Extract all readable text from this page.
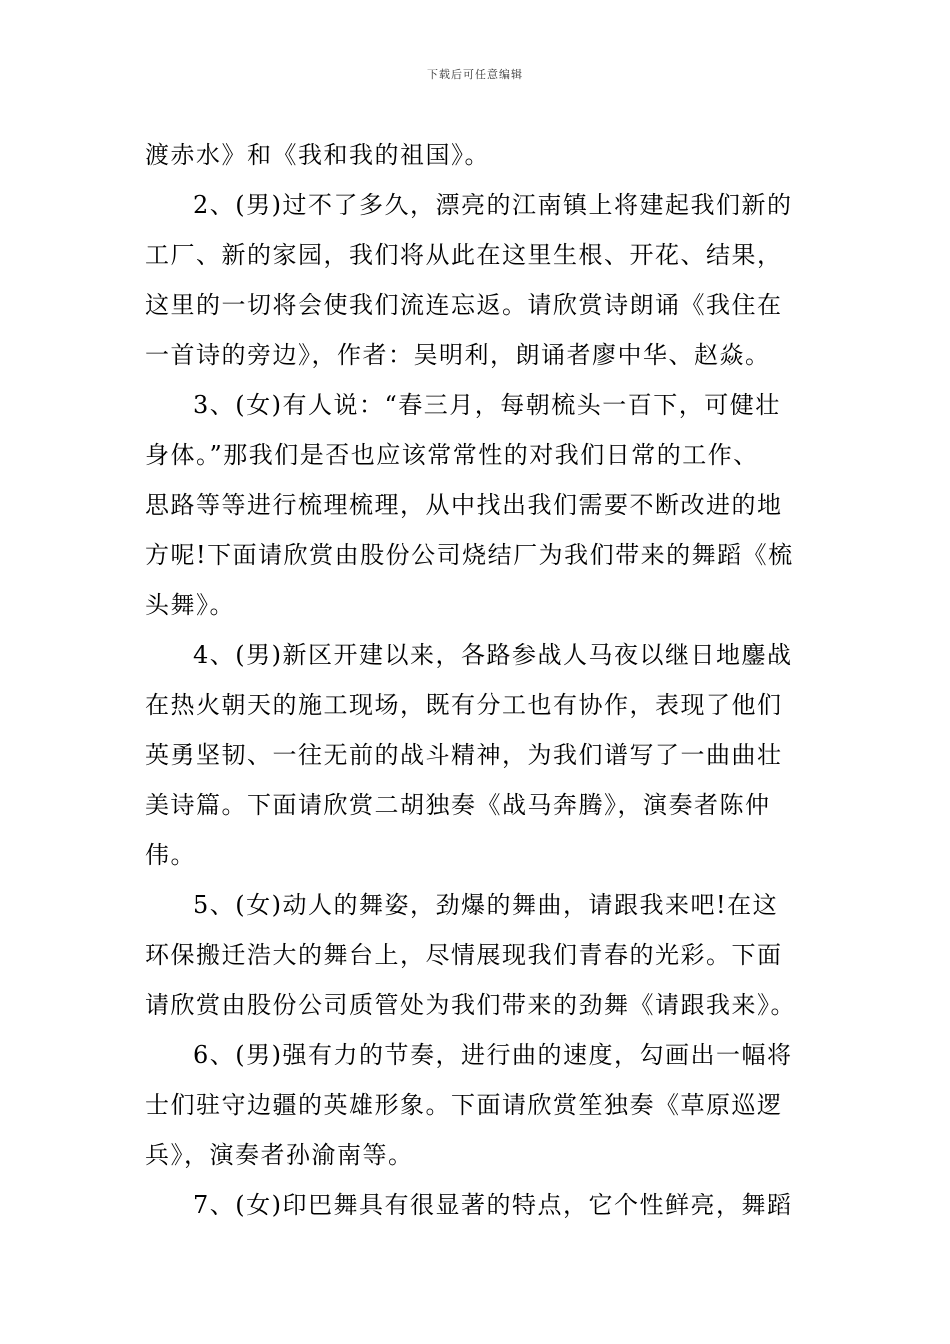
下载后可任意编辑
渡赤水》和《我和我的祖国》。
2、(男)过不了多久，漂亮的江南镇上将建起我们新的
工厂、新的家园，我们将从此在这里生根、开花、结果，
这里的一切将会使我们流连忘返。请欣赏诗朗诵《我住在
一首诗的旁边》，作者：吴明利，朗诵者廖中华、赵焱。
3、(女)有人说：“春三月，每朝梳头一百下，可健壮
身体。”那我们是否也应该常常性的对我们日常的工作、
思路等等进行梳理梳理，从中找出我们需要不断改进的地
方呢!下面请欣赏由股份公司烧结厂为我们带来的舞蹈《梳
头舞》。
4、(男)新区开建以来，各路参战人马夜以继日地鏖战
在热火朝天的施工现场，既有分工也有协作，表现了他们
英勇坚韧、一往无前的战斗精神，为我们谱写了一曲曲壮
美诗篇。下面请欣赏二胡独奏《战马奔腾》，演奏者陈仲
伟。
5、(女)动人的舞姿，劲爆的舞曲，请跟我来吧!在这
环保搬迁浩大的舞台上，尽情展现我们青春的光彩。下面
请欣赏由股份公司质管处为我们带来的劲舞《请跟我来》。
6、(男)强有力的节奏，进行曲的速度，勾画出一幅将
士们驻守边疆的英雄形象。下面请欣赏笙独奏《草原巡逻
兵》，演奏者孙渝南等。
7、(女)印巴舞具有很显著的特点，它个性鲜亮，舞蹈
